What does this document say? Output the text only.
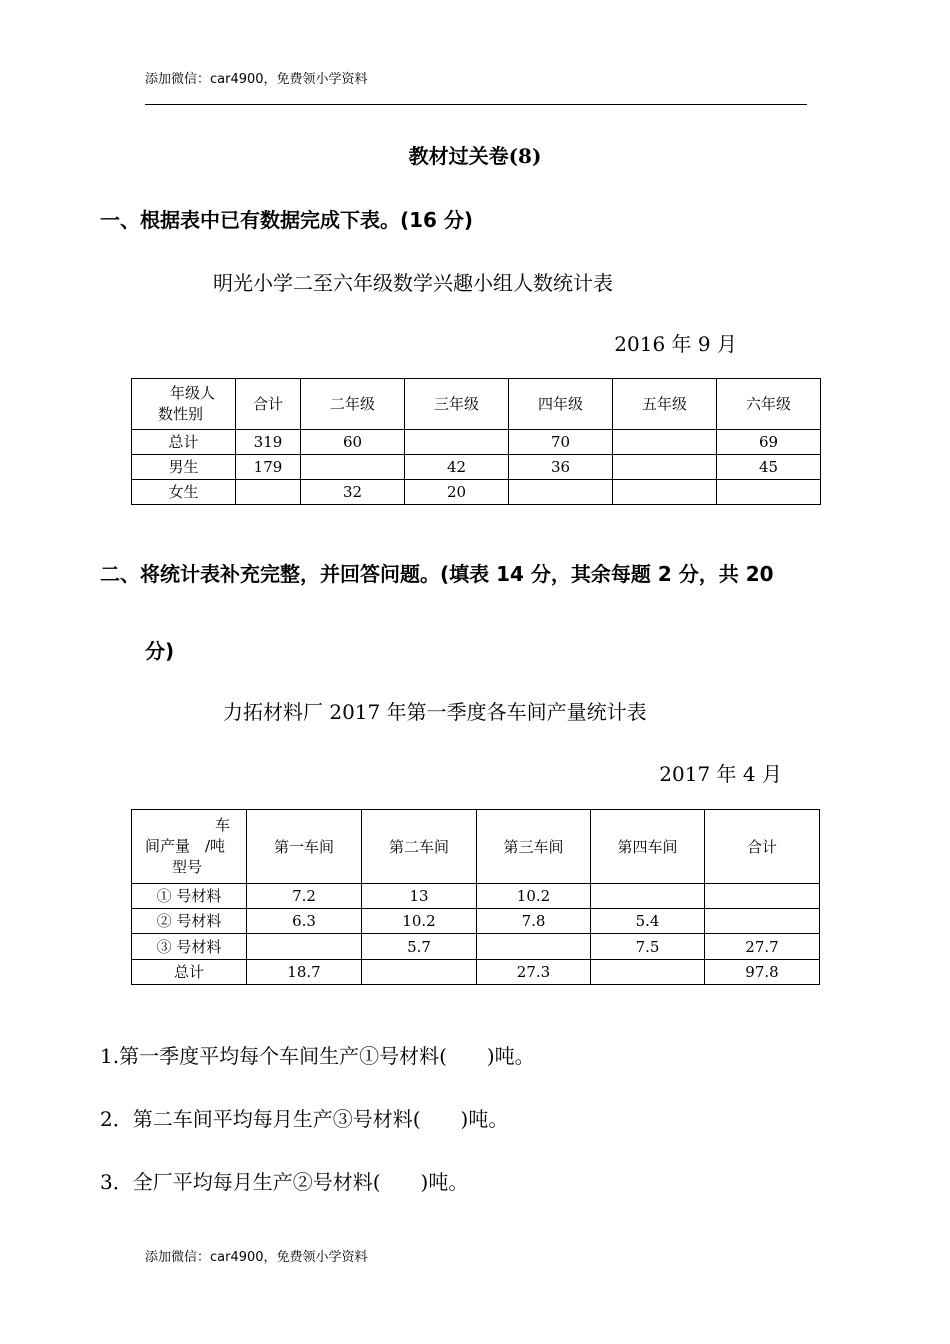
添加微信：car4900，免费领小学资料
教材过关卷(8)
一、根据表中已有数据完成下表。(16 分)
明光小学二至六年级数学兴趣小组人数统计表
2016 年 9 月
年级人
数性别	合计	二年级	三年级	四年级	五年级	六年级
总计	319	60		70		69
男生	179		42	36		45
女生		32	20			
二、将统计表补充完整，并回答问题。(填表 14 分，其余每题 2 分，共 20
分)
力拓材料厂 2017 年第一季度各车间产量统计表
2017 年 4 月
车
间产量　/吨
型号	第一车间	第二车间	第三车间	第四车间	合计
① 号材料	7.2	13	10.2		
② 号材料	6.3	10.2	7.8	5.4	
③ 号材料		5.7		7.5	27.7
总计	18.7		27.3		97.8
1.第一季度平均每个车间生产①号材料(　　)吨。
2．第二车间平均每月生产③号材料(　　)吨。
3．全厂平均每月生产②号材料(　　)吨。
添加微信：car4900，免费领小学资料
